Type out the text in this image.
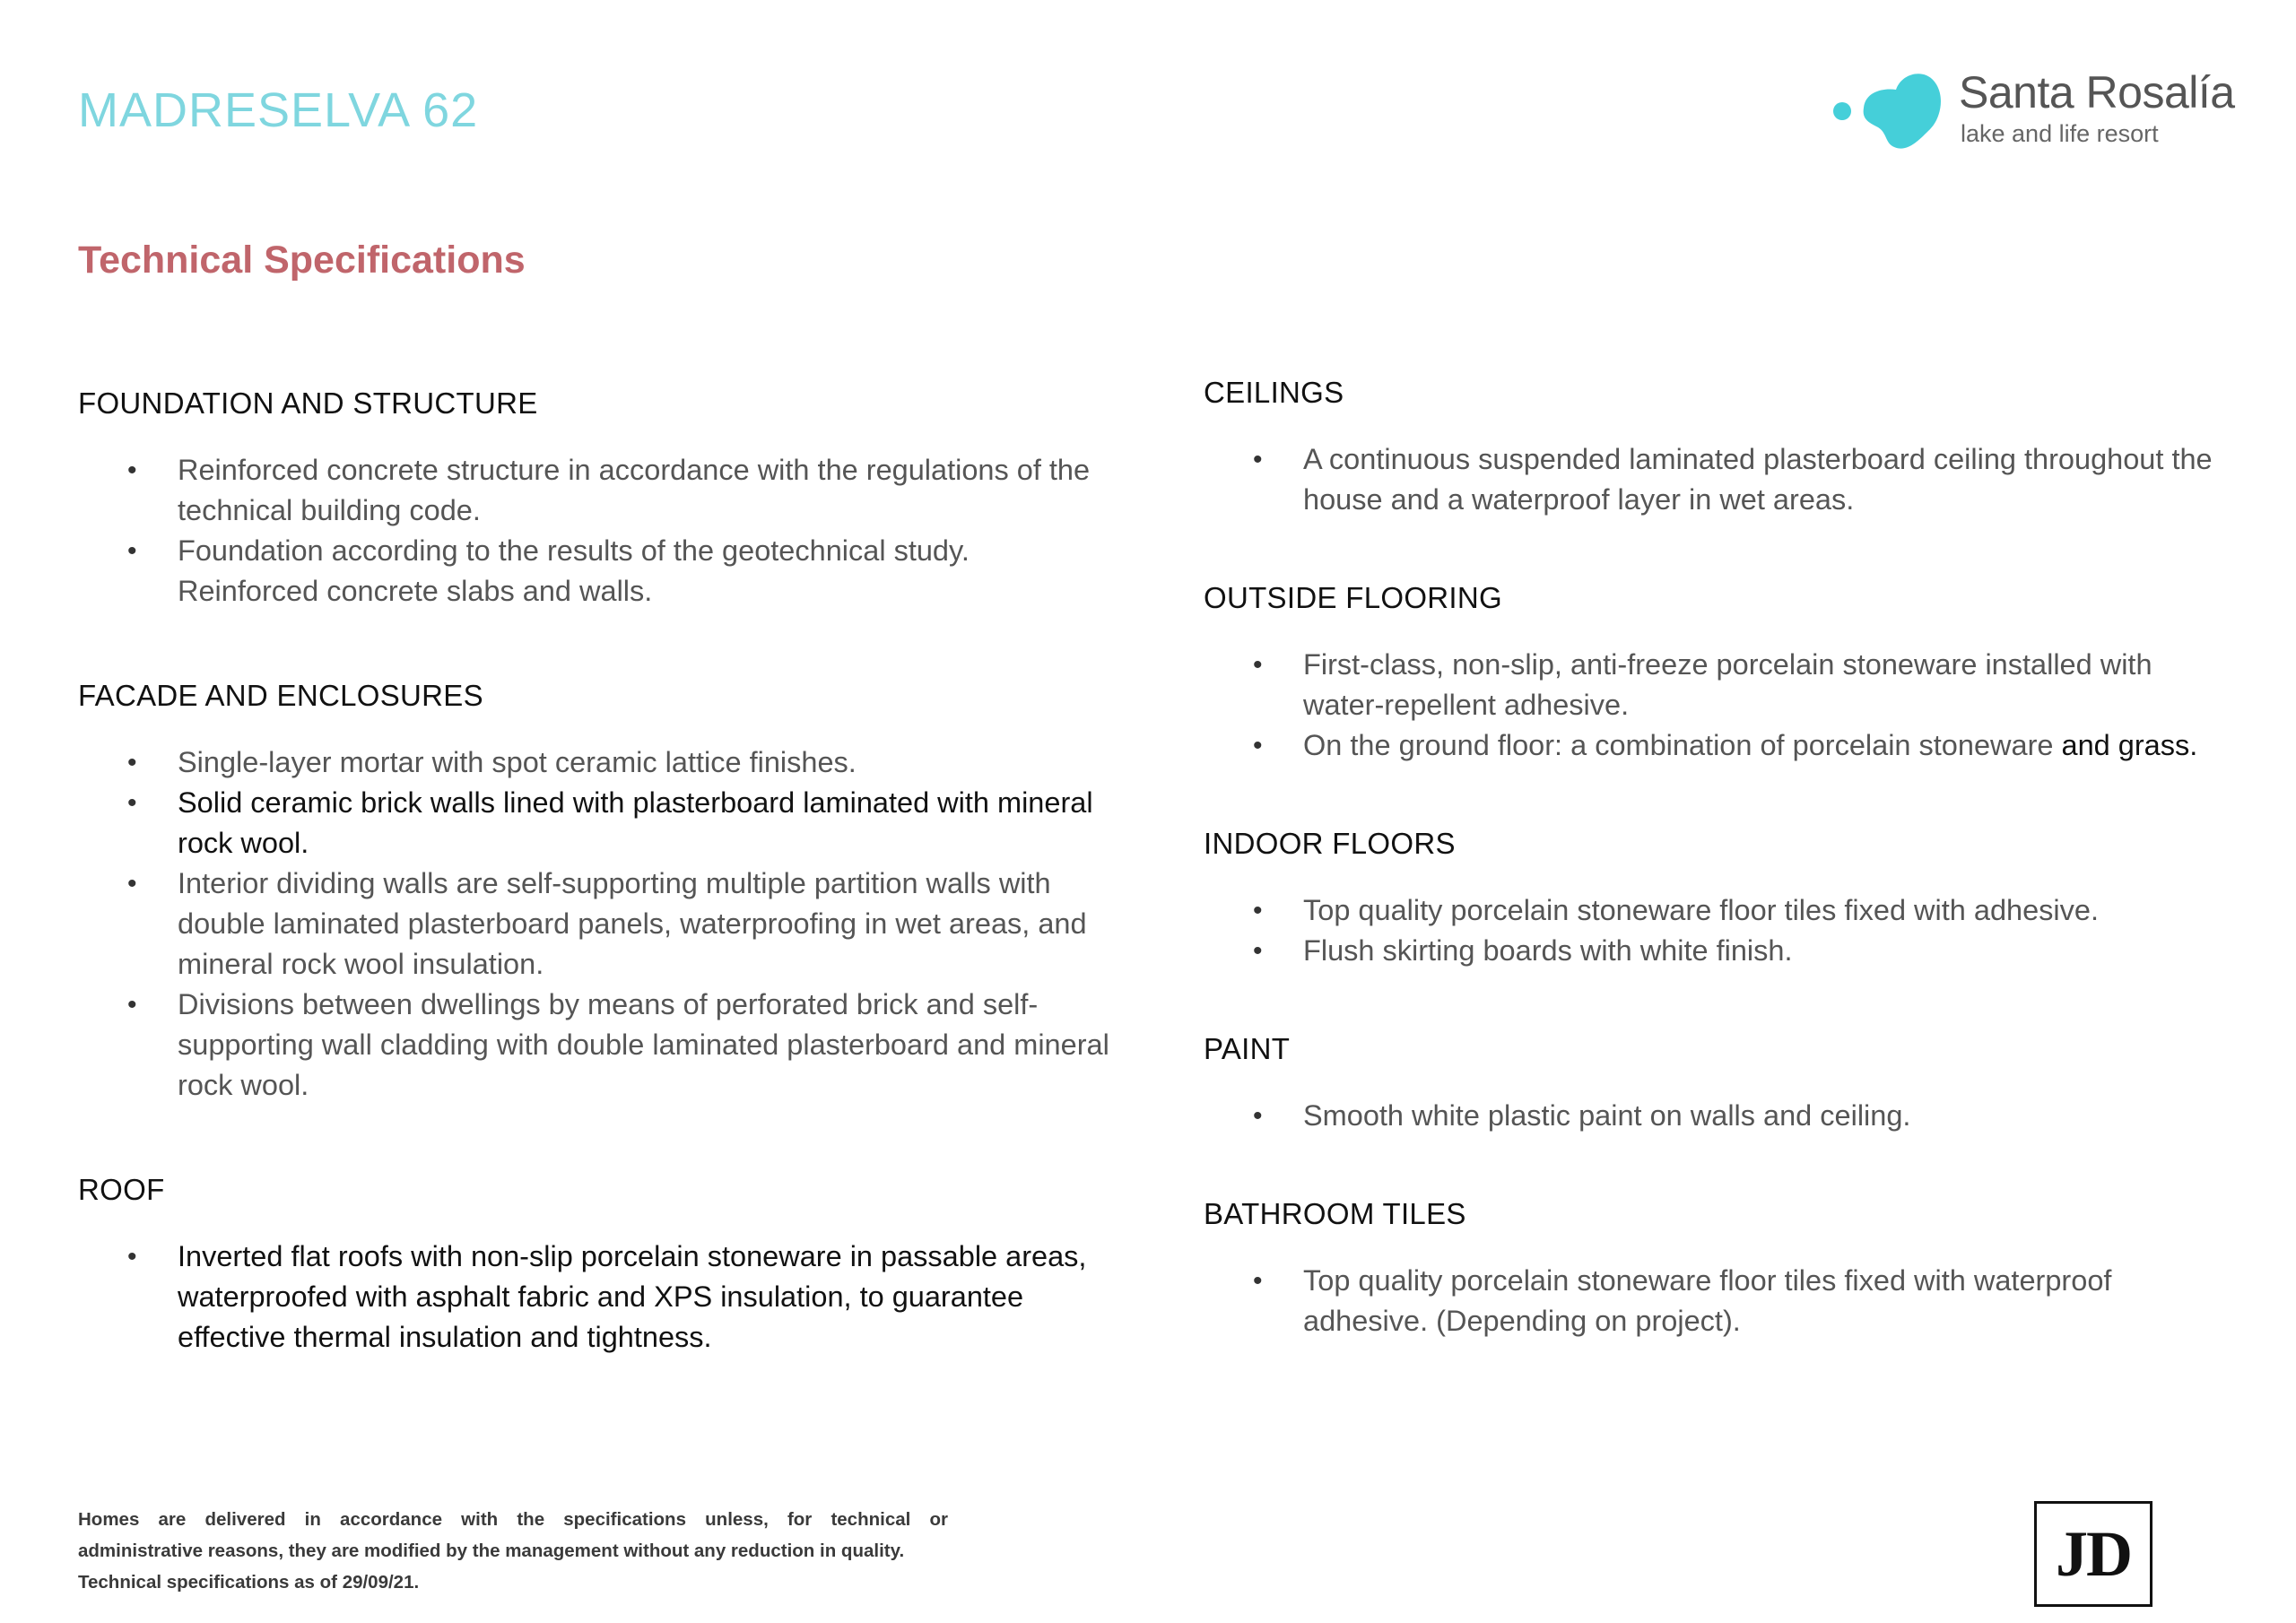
MADRESELVA 62
Technical Specifications
Santa Rosalía
lake and life resort
FOUNDATION AND STRUCTURE
• Reinforced concrete structure in accordance with the regulations of the technical building code.
• Foundation according to the results of the geotechnical study. Reinforced concrete slabs and walls.
FACADE AND ENCLOSURES
• Single-layer mortar with spot ceramic lattice finishes.
• Solid ceramic brick walls lined with plasterboard laminated with mineral rock wool.
• Interior dividing walls are self-supporting multiple partition walls with double laminated plasterboard panels, waterproofing in wet areas, and mineral rock wool insulation.
• Divisions between dwellings by means of perforated brick and self-supporting wall cladding with double laminated plasterboard and mineral rock wool.
ROOF
• Inverted flat roofs with non-slip porcelain stoneware in passable areas, waterproofed with asphalt fabric and XPS insulation, to guarantee effective thermal insulation and tightness.
CEILINGS
• A continuous suspended laminated plasterboard ceiling throughout the house and a waterproof layer in wet areas.
OUTSIDE FLOORING
• First-class, non-slip, anti-freeze porcelain stoneware installed with water-repellent adhesive.
• On the ground floor: a combination of porcelain stoneware and grass.
INDOOR FLOORS
• Top quality porcelain stoneware floor tiles fixed with adhesive.
• Flush skirting boards with white finish.
PAINT
• Smooth white plastic paint on walls and ceiling.
BATHROOM TILES
• Top quality porcelain stoneware floor tiles fixed with waterproof adhesive. (Depending on project).
Homes are delivered in accordance with the specifications unless, for technical or
administrative reasons, they are modified by the management without any reduction in quality.
Technical specifications as of 29/09/21.	JD
